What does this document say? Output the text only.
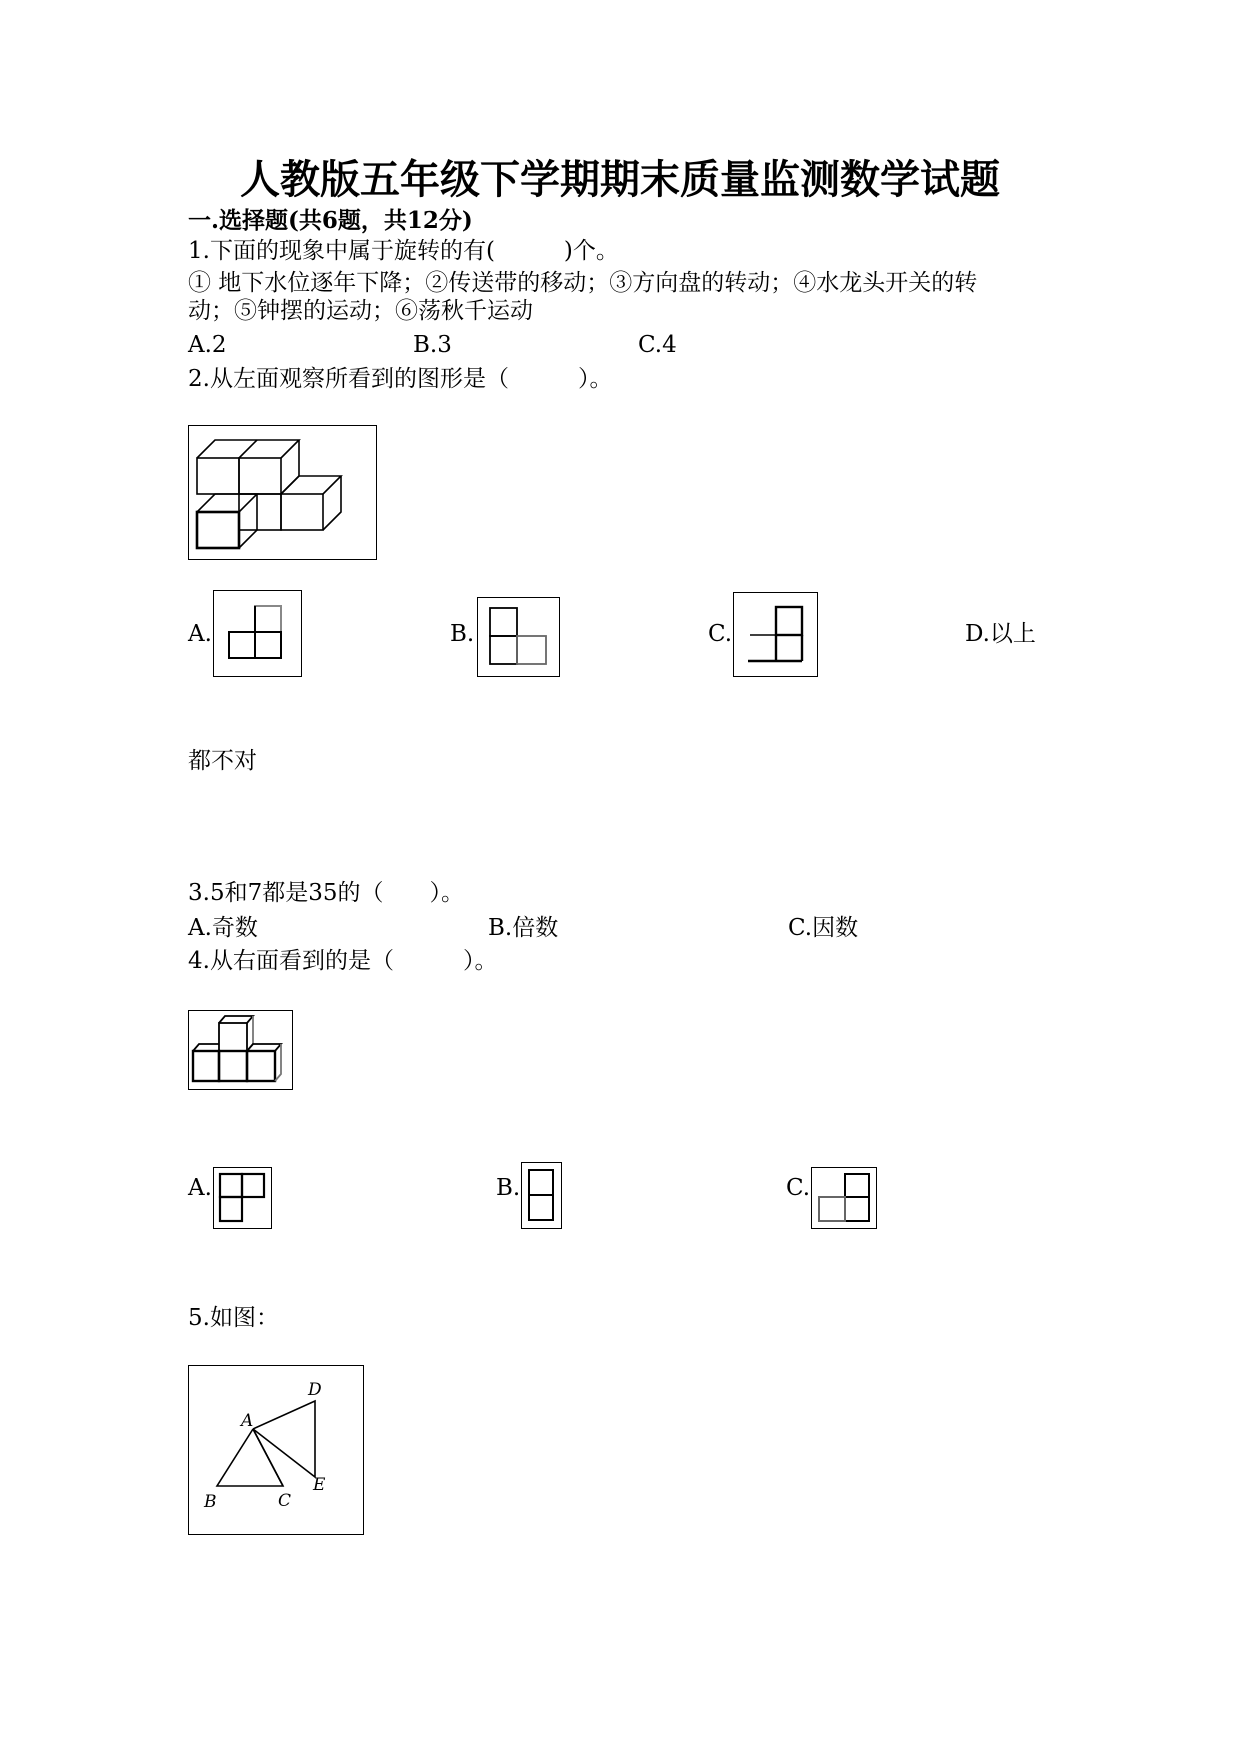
人教版五年级下学期期末质量监测数学试题
一.选择题(共6题，共12分)
1.下面的现象中属于旋转的有(　　　)个。
① 地下水位逐年下降；②传送带的移动；③方向盘的转动；④水龙头开关的转
动；⑤钟摆的运动；⑥荡秋千运动
A.2	B.3	C.4
2.从左面观察所看到的图形是（　　　）。
A.	B.	C.	D.以上
都不对
3.5和7都是35的（　　）。
A.奇数	B.倍数	C.因数
4.从右面看到的是（　　　）。
A.	B.	C.
5.如图：
A
B	C
D
E
